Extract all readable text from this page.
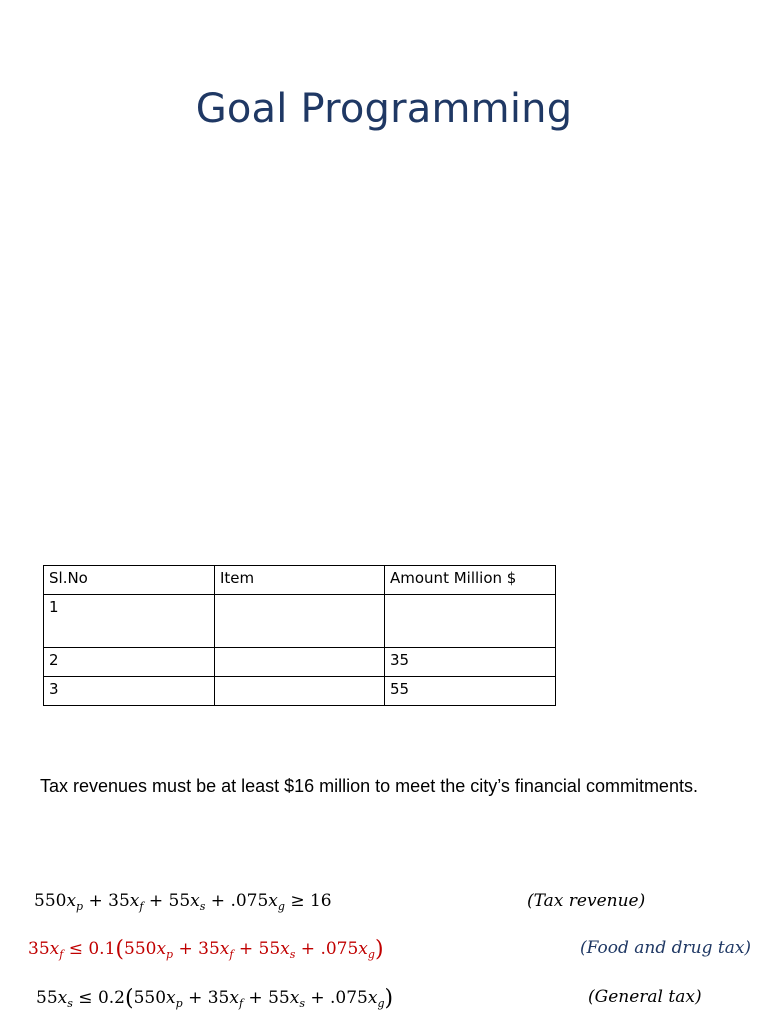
Goal Programming
Sl.No	Item	Amount Million $
1		
2		35
3		55
Tax revenues must be at least $16 million to meet the city’s financial commitments.
$550x_p + 35x_f + 55x_s + .075x_g \ge 16$	(Tax revenue)
$35x_f \le 0.1(550x_p + 35x_f + 55x_s + .075x_g)$	(Food and drug tax)
$55x_s \le 0.2(550x_p + 35x_f + 55x_s + .075x_g)$	(General tax)
